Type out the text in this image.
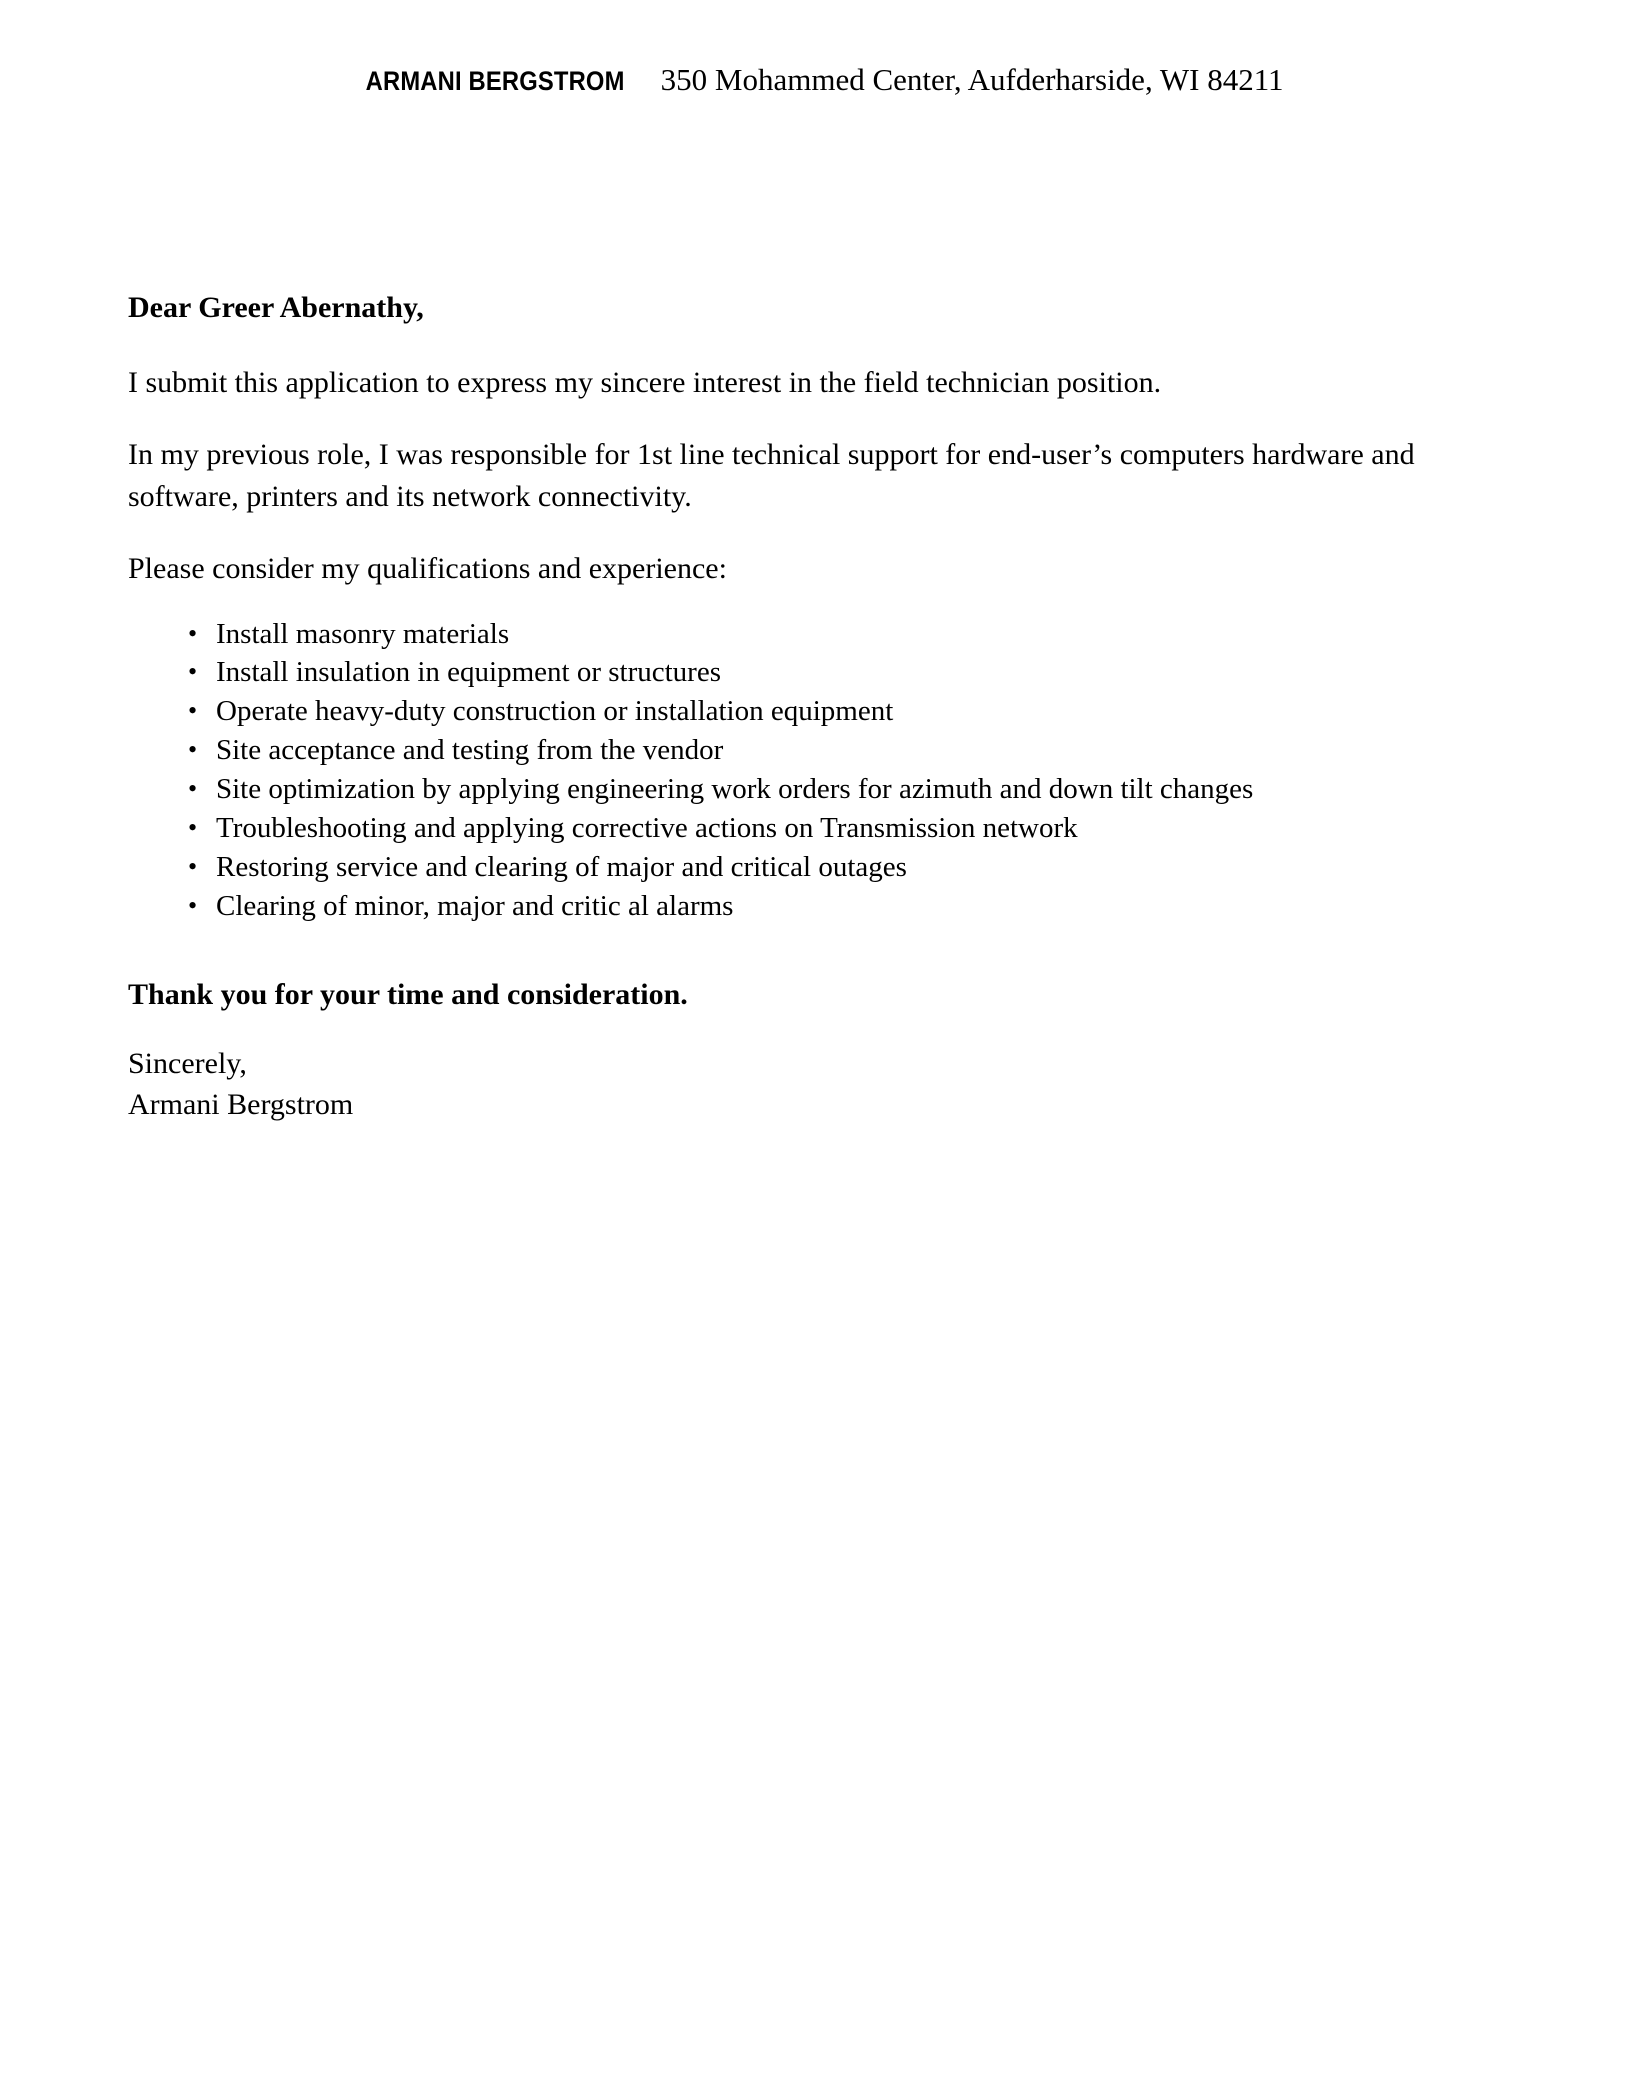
ARMANI BERGSTROM 350 Mohammed Center, Aufderharside, WI 84211

Dear Greer Abernathy,

I submit this application to express my sincere interest in the field technician position.

In my previous role, I was responsible for 1st line technical support for end-user’s computers hardware and software, printers and its network connectivity.

Please consider my qualifications and experience:

• Install masonry materials
• Install insulation in equipment or structures
• Operate heavy-duty construction or installation equipment
• Site acceptance and testing from the vendor
• Site optimization by applying engineering work orders for azimuth and down tilt changes
• Troubleshooting and applying corrective actions on Transmission network
• Restoring service and clearing of major and critical outages
• Clearing of minor, major and critic al alarms

Thank you for your time and consideration.

Sincerely,
Armani Bergstrom
